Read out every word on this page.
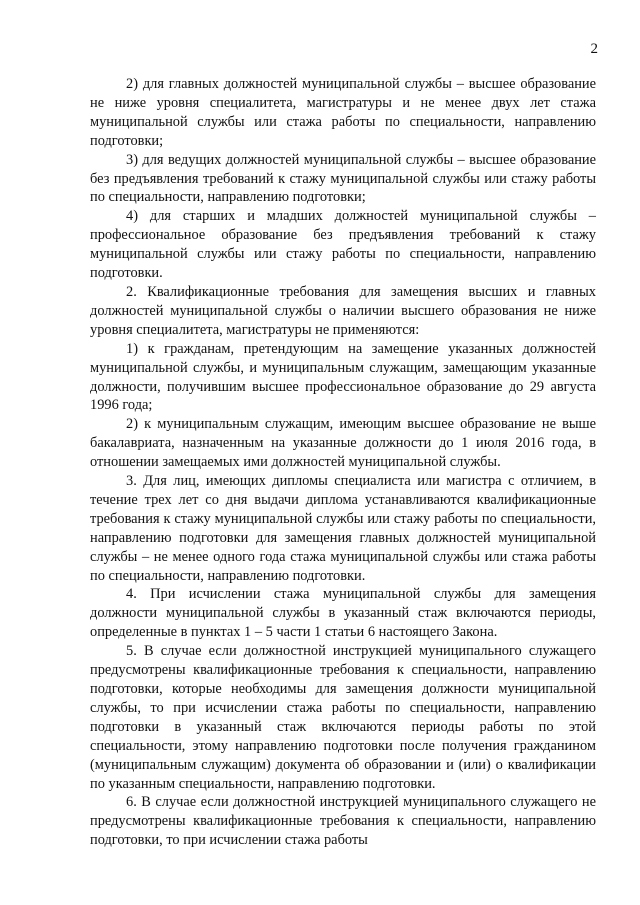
2

2) для главных должностей муниципальной службы – высшее образование не ниже уровня специалитета, магистратуры и не менее двух лет стажа муниципальной службы или стажа работы по специальности, направлению подготовки;

3) для ведущих должностей муниципальной службы – высшее образование без предъявления требований к стажу муниципальной службы или стажу работы по специальности, направлению подготовки;

4) для старших и младших должностей муниципальной службы – профессиональное образование без предъявления требований к стажу муниципальной службы или стажу работы по специальности, направлению подготовки.

2. Квалификационные требования для замещения высших и главных должностей муниципальной службы о наличии высшего образования не ниже уровня специалитета, магистратуры не применяются:

1) к гражданам, претендующим на замещение указанных должностей муниципальной службы, и муниципальным служащим, замещающим указанные должности, получившим высшее профессиональное образование до 29 августа 1996 года;

2) к муниципальным служащим, имеющим высшее образование не выше бакалавриата, назначенным на указанные должности до 1 июля 2016 года, в отношении замещаемых ими должностей муниципальной службы.

3. Для лиц, имеющих дипломы специалиста или магистра с отличием, в течение трех лет со дня выдачи диплома устанавливаются квалификационные требования к стажу муниципальной службы или стажу работы по специальности, направлению подготовки для замещения главных должностей муниципальной службы – не менее одного года стажа муниципальной службы или стажа работы по специальности, направлению подготовки.

4. При исчислении стажа муниципальной службы для замещения должности муниципальной службы в указанный стаж включаются периоды, определенные в пунктах 1 – 5 части 1 статьи 6 настоящего Закона.

5. В случае если должностной инструкцией муниципального служащего предусмотрены квалификационные требования к специальности, направлению подготовки, которые необходимы для замещения должности муниципальной службы, то при исчислении стажа работы по специальности, направлению подготовки в указанный стаж включаются периоды работы по этой специальности, этому направлению подготовки после получения гражданином (муниципальным служащим) документа об образовании и (или) о квалификации по указанным специальности, направлению подготовки.

6. В случае если должностной инструкцией муниципального служащего не предусмотрены квалификационные требования к специальности, направлению подготовки, то при исчислении стажа работы
